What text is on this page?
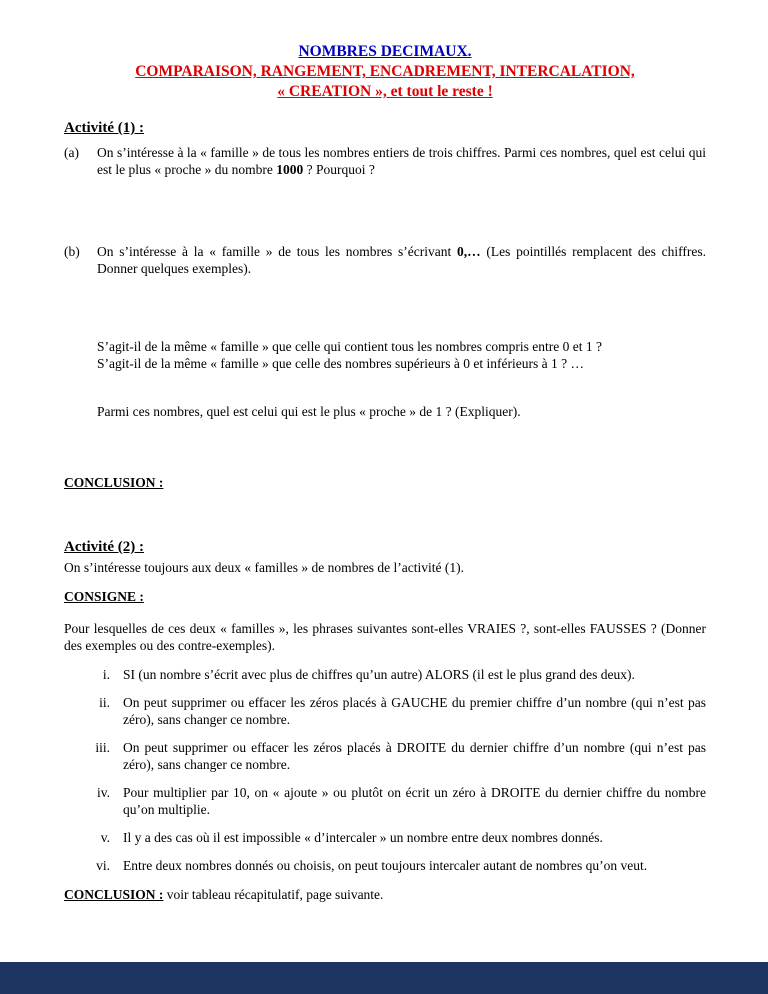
NOMBRES DECIMAUX.
COMPARAISON, RANGEMENT, ENCADREMENT, INTERCALATION,
« CREATION », et tout le reste !
Activité (1) :
(a)	On s’intéresse à la « famille » de tous les nombres entiers de trois chiffres. Parmi ces nombres, quel est celui qui est le plus « proche » du nombre 1000 ? Pourquoi ?
(b)	On s’intéresse à la « famille » de tous les nombres s’écrivant 0,… (Les pointillés remplacent des chiffres. Donner quelques exemples).
S’agit-il de la même « famille » que celle qui contient tous les nombres compris entre 0 et 1 ?
S’agit-il de la même « famille » que celle des nombres supérieurs à 0 et inférieurs à 1 ? …
Parmi ces nombres, quel est celui qui est le plus « proche » de 1 ? (Expliquer).
CONCLUSION :
Activité (2) :
On s’intéresse toujours aux deux « familles » de nombres de l’activité (1).
CONSIGNE :
Pour lesquelles de ces deux « familles », les phrases suivantes sont-elles VRAIES ?, sont-elles FAUSSES ? (Donner des exemples ou des contre-exemples).
i. SI (un nombre s’écrit avec plus de chiffres qu’un autre) ALORS (il est le plus grand des deux).
ii. On peut supprimer ou effacer les zéros placés à GAUCHE du premier chiffre d’un nombre (qui n’est pas zéro), sans changer ce nombre.
iii. On peut supprimer ou effacer les zéros placés à DROITE du dernier chiffre d’un nombre (qui n’est pas zéro), sans changer ce nombre.
iv. Pour multiplier par 10, on « ajoute » ou plutôt on écrit un zéro à DROITE du dernier chiffre du nombre qu’on multiplie.
v. Il y a des cas où il est impossible « d’intercaler » un nombre entre deux nombres donnés.
vi. Entre deux nombres donnés ou choisis, on peut toujours intercaler autant de nombres qu’on veut.
CONCLUSION : voir tableau récapitulatif, page suivante.
